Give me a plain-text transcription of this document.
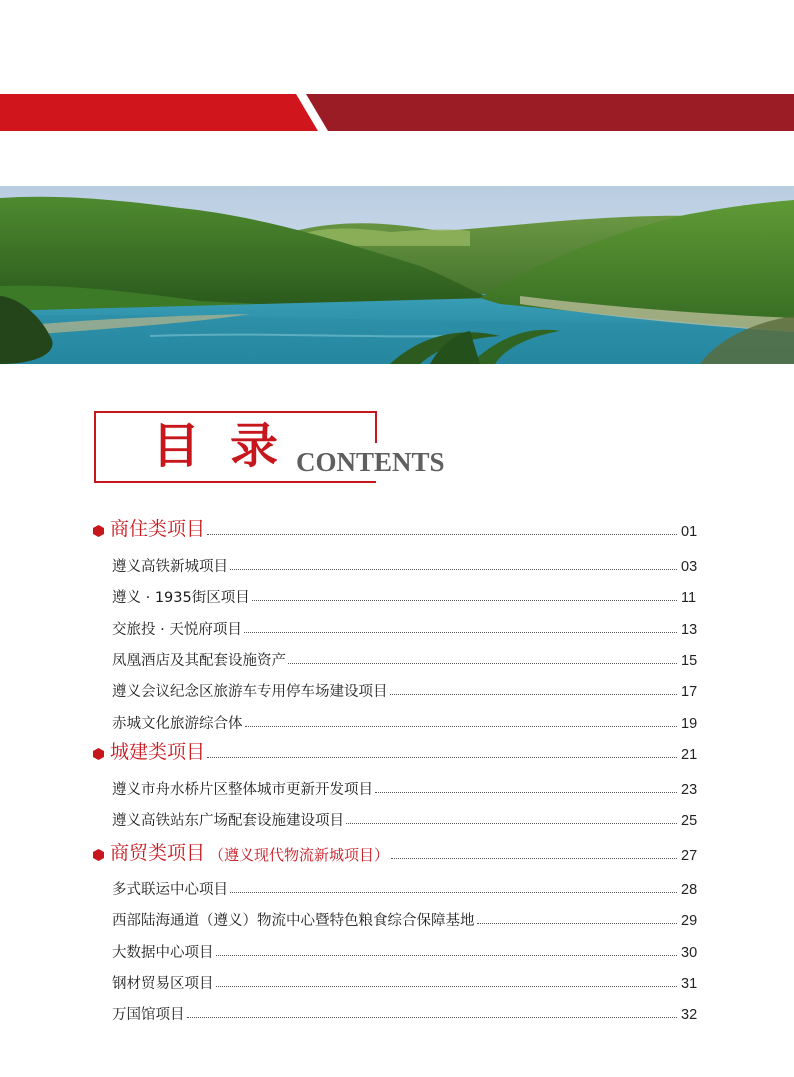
目录
CONTENTS
商住类项目	01
遵义高铁新城项目	03
遵义 · 1935街区项目	11
交旅投 · 天悦府项目	13
凤凰酒店及其配套设施资产	15
遵义会议纪念区旅游车专用停车场建设项目	17
赤城文化旅游综合体	19
城建类项目	21
遵义市舟水桥片区整体城市更新开发项目	23
遵义高铁站东广场配套设施建设项目	25
商贸类项目 （遵义现代物流新城项目）	27
多式联运中心项目	28
西部陆海通道（遵义）物流中心暨特色粮食综合保障基地	29
大数据中心项目	30
钢材贸易区项目	31
万国馆项目	32
